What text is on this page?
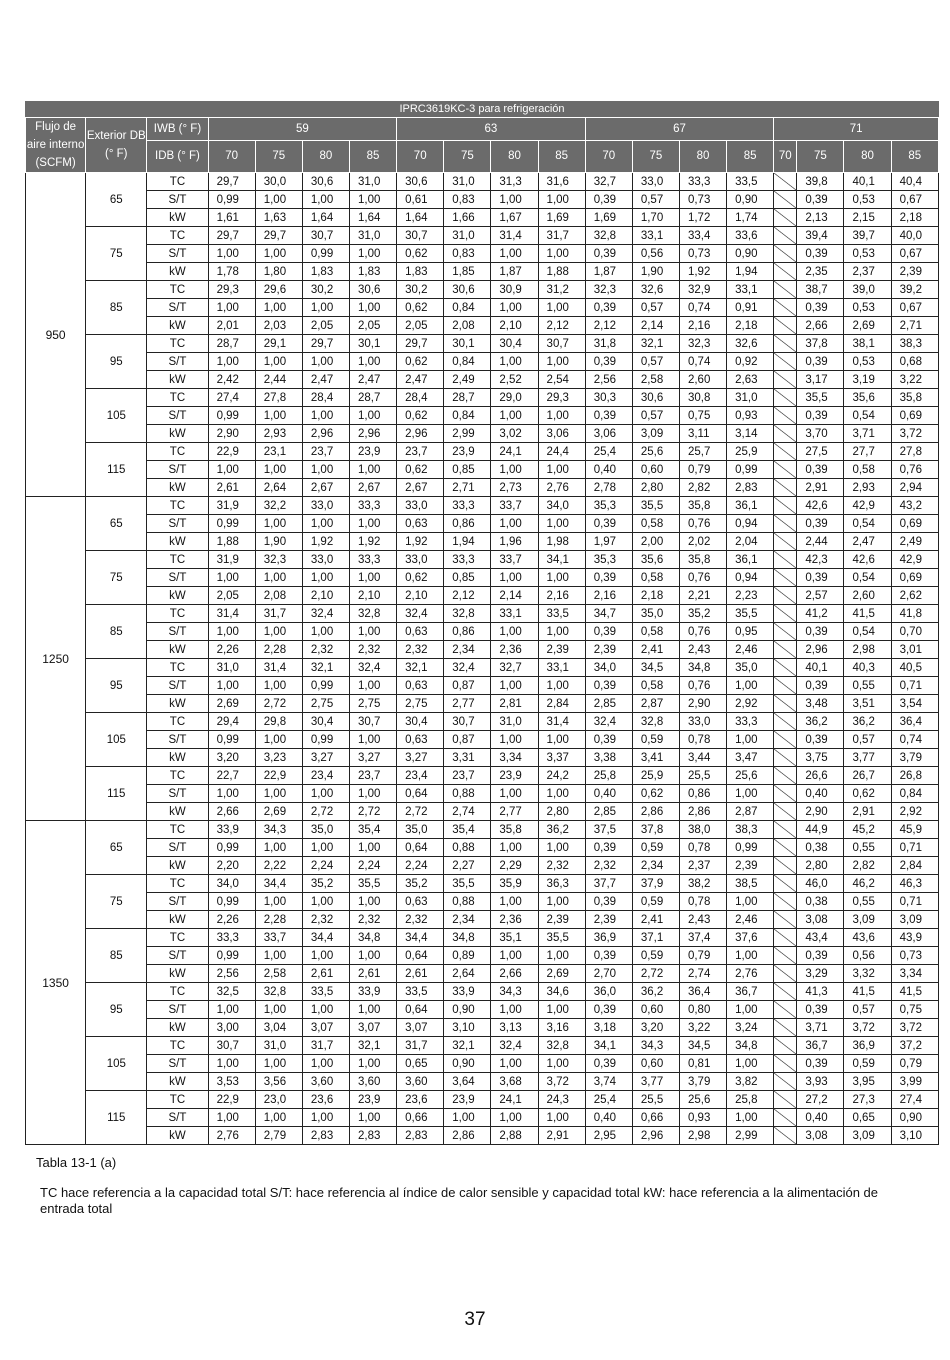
IPRC3619KC-3 para refrigeración																		
Flujo de aire interno (SCFM)	Exterior DB (° F)	IWB (° F)	59				63				67				71			
		IDB (° F)	70	75	80	85	70	75	80	85	70	75	80	85	70	75	80	85
950	65	TC	29,7	30,0	30,6	31,0	30,6	31,0	31,3	31,6	32,7	33,0	33,3	33,5		39,8	40,1	40,4
		S/T	0,99	1,00	1,00	1,00	0,61	0,83	1,00	1,00	0,39	0,57	0,73	0,90		0,39	0,53	0,67
		kW	1,61	1,63	1,64	1,64	1,64	1,66	1,67	1,69	1,69	1,70	1,72	1,74		2,13	2,15	2,18
	75	TC	29,7	29,7	30,7	31,0	30,7	31,0	31,4	31,7	32,8	33,1	33,4	33,6		39,4	39,7	40,0
		S/T	1,00	1,00	0,99	1,00	0,62	0,83	1,00	1,00	0,39	0,56	0,73	0,90		0,39	0,53	0,67
		kW	1,78	1,80	1,83	1,83	1,83	1,85	1,87	1,88	1,87	1,90	1,92	1,94		2,35	2,37	2,39
	85	TC	29,3	29,6	30,2	30,6	30,2	30,6	30,9	31,2	32,3	32,6	32,9	33,1		38,7	39,0	39,2
		S/T	1,00	1,00	1,00	1,00	0,62	0,84	1,00	1,00	0,39	0,57	0,74	0,91		0,39	0,53	0,67
		kW	2,01	2,03	2,05	2,05	2,05	2,08	2,10	2,12	2,12	2,14	2,16	2,18		2,66	2,69	2,71
	95	TC	28,7	29,1	29,7	30,1	29,7	30,1	30,4	30,7	31,8	32,1	32,3	32,6		37,8	38,1	38,3
		S/T	1,00	1,00	1,00	1,00	0,62	0,84	1,00	1,00	0,39	0,57	0,74	0,92		0,39	0,53	0,68
		kW	2,42	2,44	2,47	2,47	2,47	2,49	2,52	2,54	2,56	2,58	2,60	2,63		3,17	3,19	3,22
	105	TC	27,4	27,8	28,4	28,7	28,4	28,7	29,0	29,3	30,3	30,6	30,8	31,0		35,5	35,6	35,8
		S/T	0,99	1,00	1,00	1,00	0,62	0,84	1,00	1,00	0,39	0,57	0,75	0,93		0,39	0,54	0,69
		kW	2,90	2,93	2,96	2,96	2,96	2,99	3,02	3,06	3,06	3,09	3,11	3,14		3,70	3,71	3,72
	115	TC	22,9	23,1	23,7	23,9	23,7	23,9	24,1	24,4	25,4	25,6	25,7	25,9		27,5	27,7	27,8
		S/T	1,00	1,00	1,00	1,00	0,62	0,85	1,00	1,00	0,40	0,60	0,79	0,99		0,39	0,58	0,76
		kW	2,61	2,64	2,67	2,67	2,67	2,71	2,73	2,76	2,78	2,80	2,82	2,83		2,91	2,93	2,94
1250	65	TC	31,9	32,2	33,0	33,3	33,0	33,3	33,7	34,0	35,3	35,5	35,8	36,1		42,6	42,9	43,2
		S/T	0,99	1,00	1,00	1,00	0,63	0,86	1,00	1,00	0,39	0,58	0,76	0,94		0,39	0,54	0,69
		kW	1,88	1,90	1,92	1,92	1,92	1,94	1,96	1,98	1,97	2,00	2,02	2,04		2,44	2,47	2,49
	75	TC	31,9	32,3	33,0	33,3	33,0	33,3	33,7	34,1	35,3	35,6	35,8	36,1		42,3	42,6	42,9
		S/T	1,00	1,00	1,00	1,00	0,62	0,85	1,00	1,00	0,39	0,58	0,76	0,94		0,39	0,54	0,69
		kW	2,05	2,08	2,10	2,10	2,10	2,12	2,14	2,16	2,16	2,18	2,21	2,23		2,57	2,60	2,62
	85	TC	31,4	31,7	32,4	32,8	32,4	32,8	33,1	33,5	34,7	35,0	35,2	35,5		41,2	41,5	41,8
		S/T	1,00	1,00	1,00	1,00	0,63	0,86	1,00	1,00	0,39	0,58	0,76	0,95		0,39	0,54	0,70
		kW	2,26	2,28	2,32	2,32	2,32	2,34	2,36	2,39	2,39	2,41	2,43	2,46		2,96	2,98	3,01
	95	TC	31,0	31,4	32,1	32,4	32,1	32,4	32,7	33,1	34,0	34,5	34,8	35,0		40,1	40,3	40,5
		S/T	1,00	1,00	0,99	1,00	0,63	0,87	1,00	1,00	0,39	0,58	0,76	1,00		0,39	0,55	0,71
		kW	2,69	2,72	2,75	2,75	2,75	2,77	2,81	2,84	2,85	2,87	2,90	2,92		3,48	3,51	3,54
	105	TC	29,4	29,8	30,4	30,7	30,4	30,7	31,0	31,4	32,4	32,8	33,0	33,3		36,2	36,2	36,4
		S/T	0,99	1,00	0,99	1,00	0,63	0,87	1,00	1,00	0,39	0,59	0,78	1,00		0,39	0,57	0,74
		kW	3,20	3,23	3,27	3,27	3,27	3,31	3,34	3,37	3,38	3,41	3,44	3,47		3,75	3,77	3,79
	115	TC	22,7	22,9	23,4	23,7	23,4	23,7	23,9	24,2	25,8	25,9	25,5	25,6		26,6	26,7	26,8
		S/T	1,00	1,00	1,00	1,00	0,64	0,88	1,00	1,00	0,40	0,62	0,86	1,00		0,40	0,62	0,84
		kW	2,66	2,69	2,72	2,72	2,72	2,74	2,77	2,80	2,85	2,86	2,86	2,87		2,90	2,91	2,92
1350	65	TC	33,9	34,3	35,0	35,4	35,0	35,4	35,8	36,2	37,5	37,8	38,0	38,3		44,9	45,2	45,9
		S/T	0,99	1,00	1,00	1,00	0,64	0,88	1,00	1,00	0,39	0,59	0,78	0,99		0,38	0,55	0,71
		kW	2,20	2,22	2,24	2,24	2,24	2,27	2,29	2,32	2,32	2,34	2,37	2,39		2,80	2,82	2,84
	75	TC	34,0	34,4	35,2	35,5	35,2	35,5	35,9	36,3	37,7	37,9	38,2	38,5		46,0	46,2	46,3
		S/T	0,99	1,00	1,00	1,00	0,63	0,88	1,00	1,00	0,39	0,59	0,78	1,00		0,38	0,55	0,71
		kW	2,26	2,28	2,32	2,32	2,32	2,34	2,36	2,39	2,39	2,41	2,43	2,46		3,08	3,09	3,09
	85	TC	33,3	33,7	34,4	34,8	34,4	34,8	35,1	35,5	36,9	37,1	37,4	37,6		43,4	43,6	43,9
		S/T	0,99	1,00	1,00	1,00	0,64	0,89	1,00	1,00	0,39	0,59	0,79	1,00		0,39	0,56	0,73
		kW	2,56	2,58	2,61	2,61	2,61	2,64	2,66	2,69	2,70	2,72	2,74	2,76		3,29	3,32	3,34
	95	TC	32,5	32,8	33,5	33,9	33,5	33,9	34,3	34,6	36,0	36,2	36,4	36,7		41,3	41,5	41,5
		S/T	1,00	1,00	1,00	1,00	0,64	0,90	1,00	1,00	0,39	0,60	0,80	1,00		0,39	0,57	0,75
		kW	3,00	3,04	3,07	3,07	3,07	3,10	3,13	3,16	3,18	3,20	3,22	3,24		3,71	3,72	3,72
	105	TC	30,7	31,0	31,7	32,1	31,7	32,1	32,4	32,8	34,1	34,3	34,5	34,8		36,7	36,9	37,2
		S/T	1,00	1,00	1,00	1,00	0,65	0,90	1,00	1,00	0,39	0,60	0,81	1,00		0,39	0,59	0,79
		kW	3,53	3,56	3,60	3,60	3,60	3,64	3,68	3,72	3,74	3,77	3,79	3,82		3,93	3,95	3,99
	115	TC	22,9	23,0	23,6	23,9	23,6	23,9	24,1	24,3	25,4	25,5	25,6	25,8		27,2	27,3	27,4
		S/T	1,00	1,00	1,00	1,00	0,66	1,00	1,00	1,00	0,40	0,66	0,93	1,00		0,40	0,65	0,90
		kW	2,76	2,79	2,83	2,83	2,83	2,86	2,88	2,91	2,95	2,96	2,98	2,99		3,08	3,09	3,10
Tabla 13-1 (a)
TC hace referencia a la capacidad total S/T: hace referencia al índice de calor sensible y capacidad total kW: hace referencia a la alimentación de entrada total
37
